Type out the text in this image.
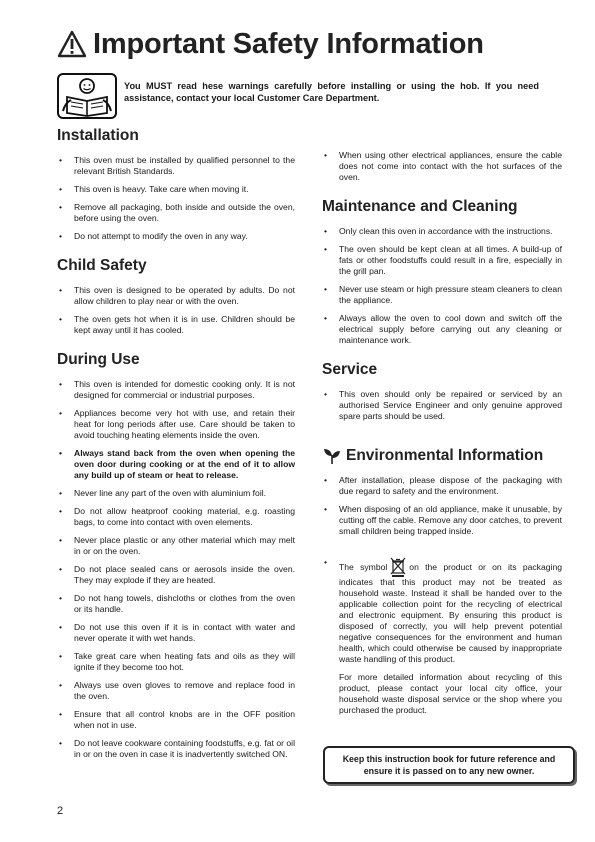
Important Safety Information
You MUST read hese warnings carefully before installing or using the hob. If you need assistance, contact your local Customer Care Department.
Installation
• This oven must be installed by qualified personnel to the relevant British Standards.
• This oven is heavy. Take care when moving it.
• Remove all packaging, both inside and outside the oven, before using the oven.
• Do not attempt to modify the oven in any way.
Child Safety
• This oven is designed to be operated by adults. Do not allow children to play near or with the oven.
• The oven gets hot when it is in use. Children should be kept away until it has cooled.
During Use
• This oven is intended for domestic cooking only. It is not designed for commercial or industrial purposes.
• Appliances become very hot with use, and retain their heat for long periods after use. Care should be taken to avoid touching heating elements inside the oven.
• Always stand back from the oven when opening the oven door during cooking or at the end of it to allow any build up of steam or heat to release.
• Never line any part of the oven with aluminium foil.
• Do not allow heatproof cooking material, e.g. roasting bags, to come into contact with oven elements.
• Never place plastic or any other material which may melt in or on the oven.
• Do not place sealed cans or aerosols inside the oven. They may explode if they are heated.
• Do not hang towels, dishcloths or clothes from the oven or its handle.
• Do not use this oven if it is in contact with water and never operate it with wet hands.
• Take great care when heating fats and oils as they will ignite if they become too hot.
• Always use oven gloves to remove and replace food in the oven.
• Ensure that all control knobs are in the OFF position when not in use.
• Do not leave cookware containing foodstuffs, e.g. fat or oil in or on the oven in case it is inadvertently switched ON.
• When using other electrical appliances, ensure the cable does not come into contact with the hot surfaces of the oven.
Maintenance and Cleaning
• Only clean this oven in accordance with the instructions.
• The oven should be kept clean at all times. A build-up of fats or other foodstuffs could result in a fire, especially in the grill pan.
• Never use steam or high pressure steam cleaners to clean the appliance.
• Always allow the oven to cool down and switch off the electrical supply before carrying out any cleaning or maintenance work.
Service
• This oven should only be repaired or serviced by an authorised Service Engineer and only genuine approved spare parts should be used.
Environmental Information
• After installation, please dispose of the packaging with due regard to safety and the environment.
• When disposing of an old appliance, make it unusable, by cutting off the cable. Remove any door catches, to prevent small children being trapped inside.
• The symbol	on the product or on its packaging indicates that this product may not be treated as household waste. Instead it shall be handed over to the applicable collection point for the recycling of electrical and electronic equipment. By ensuring this product is disposed of correctly, you will help prevent potential negative consequences for the environment and human health, which could otherwise be caused by inappropriate waste handling of this product.

For more detailed information about recycling of this product, please contact your local city office, your household waste disposal service or the shop where you purchased the product.

Keep this instruction book for future reference and ensure it is passed on to any new owner.
2
